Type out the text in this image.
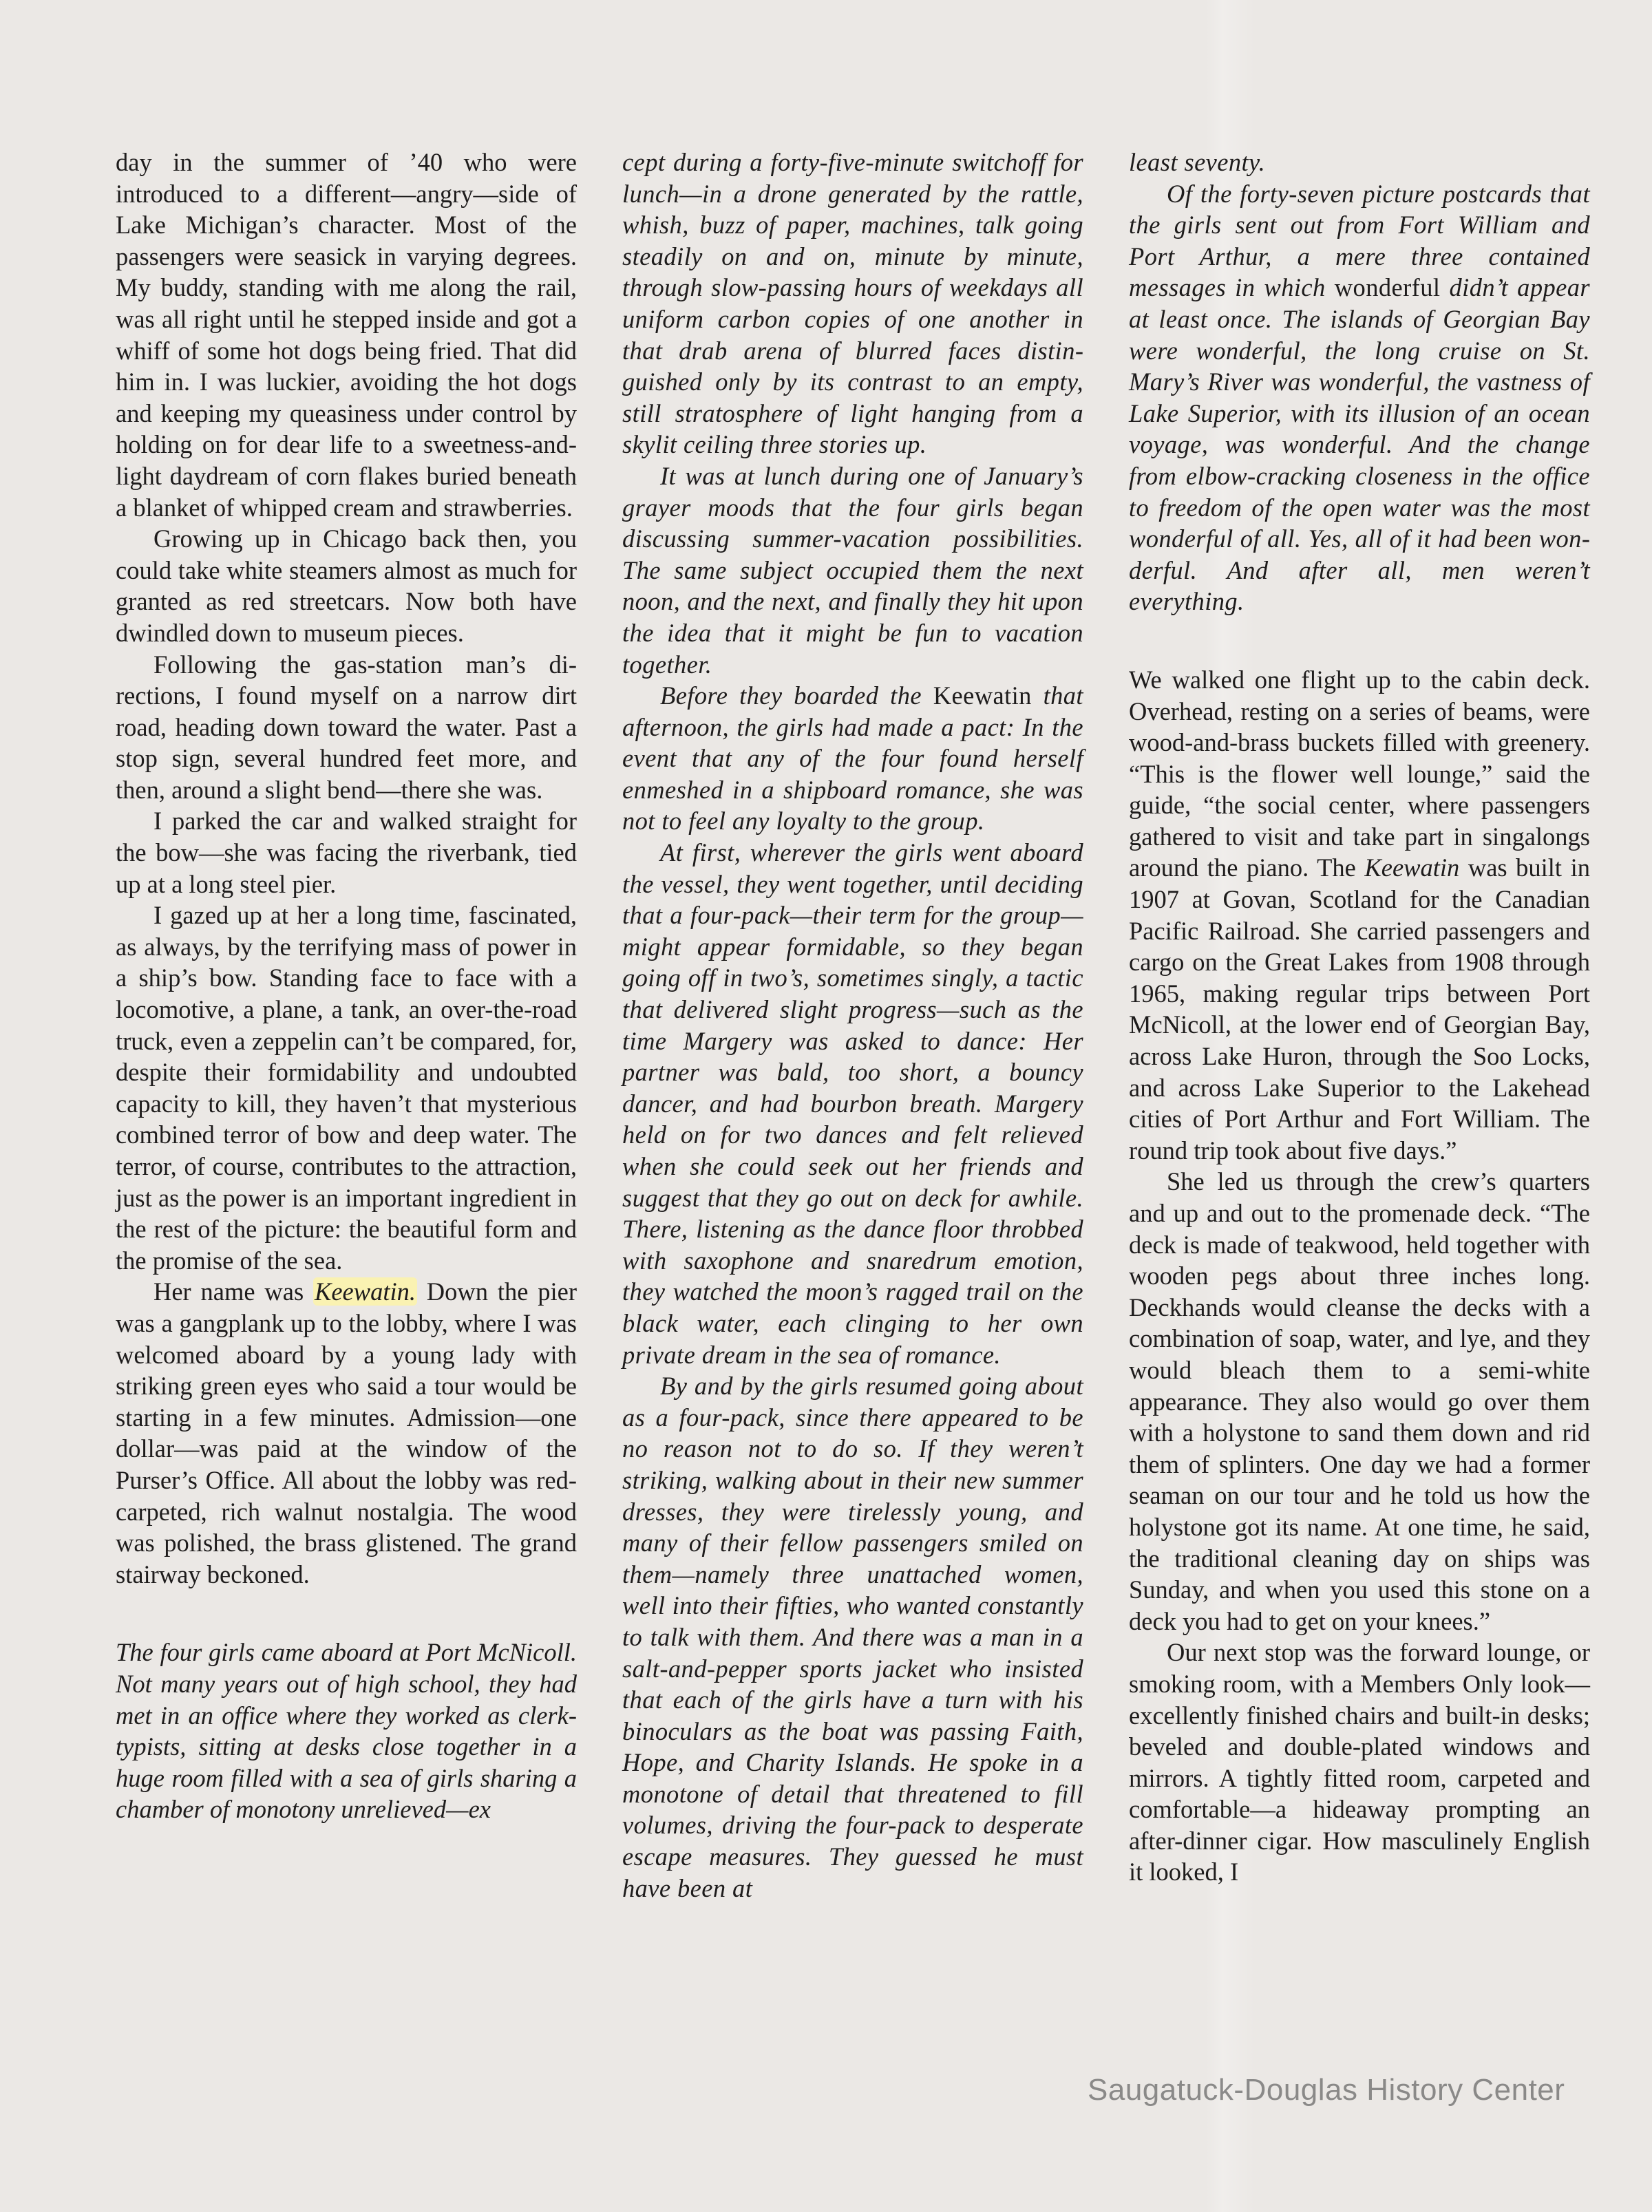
day in the summer of ’40 who were introduced to a different—angry—side of Lake Michigan’s character. Most of the passengers were seasick in varying degrees. My buddy, standing with me along the rail, was all right until he stepped inside and got a whiff of some hot dogs being fried. That did him in. I was luckier, avoiding the hot dogs and keeping my queasiness under control by holding on for dear life to a sweetness-and-light daydream of corn flakes buried beneath a blanket of whipped cream and strawberries.

Growing up in Chicago back then, you could take white steamers almost as much for granted as red streetcars. Now both have dwindled down to museum pieces.

Following the gas-station man’s directions, I found myself on a narrow dirt road, heading down toward the water. Past a stop sign, several hundred feet more, and then, around a slight bend—there she was.

I parked the car and walked straight for the bow—she was facing the riverbank, tied up at a long steel pier.

I gazed up at her a long time, fascinated, as always, by the terrifying mass of power in a ship’s bow. Standing face to face with a locomotive, a plane, a tank, an over-the-road truck, even a zeppelin can’t be compared, for, despite their formidability and undoubted capacity to kill, they haven’t that mysterious combined terror of bow and deep water. The terror, of course, contributes to the attraction, just as the power is an important ingredient in the rest of the picture: the beautiful form and the promise of the sea.

Her name was Keewatin. Down the pier was a gangplank up to the lobby, where I was welcomed aboard by a young lady with striking green eyes who said a tour would be starting in a few minutes. Admission—one dollar—was paid at the window of the Purser’s Office. All about the lobby was red-carpeted, rich walnut nostalgia. The wood was polished, the brass glistened. The grand stairway beckoned.

The four girls came aboard at Port McNicoll. Not many years out of high school, they had met in an office where they worked as clerk-typists, sitting at desks close together in a huge room filled with a sea of girls sharing a chamber of monotony unrelieved—ex

cept during a forty-five-minute switchoff for lunch—in a drone generated by the rattle, whish, buzz of paper, machines, talk going steadily on and on, minute by minute, through slow-passing hours of weekdays all uniform carbon copies of one another in that drab arena of blurred faces distinguished only by its contrast to an empty, still stratosphere of light hanging from a skylit ceiling three stories up.

It was at lunch during one of January’s grayer moods that the four girls began discussing summer-vacation possibilities. The same subject occupied them the next noon, and the next, and finally they hit upon the idea that it might be fun to vacation together.

Before they boarded the Keewatin that afternoon, the girls had made a pact: In the event that any of the four found herself enmeshed in a shipboard romance, she was not to feel any loyalty to the group.

At first, wherever the girls went aboard the vessel, they went together, until deciding that a four-pack—their term for the group—might appear formidable, so they began going off in two’s, sometimes singly, a tactic that delivered slight progress—such as the time Margery was asked to dance: Her partner was bald, too short, a bouncy dancer, and had bourbon breath. Margery held on for two dances and felt relieved when she could seek out her friends and suggest that they go out on deck for awhile. There, listening as the dance floor throbbed with saxophone and snaredrum emotion, they watched the moon’s ragged trail on the black water, each clinging to her own private dream in the sea of romance.

By and by the girls resumed going about as a four-pack, since there appeared to be no reason not to do so. If they weren’t striking, walking about in their new summer dresses, they were tirelessly young, and many of their fellow passengers smiled on them—namely three unattached women, well into their fifties, who wanted constantly to talk with them. And there was a man in a salt-and-pepper sports jacket who insisted that each of the girls have a turn with his binoculars as the boat was passing Faith, Hope, and Charity Islands. He spoke in a monotone of detail that threatened to fill volumes, driving the four-pack to desperate escape measures. They guessed he must have been at

least seventy.

Of the forty-seven picture postcards that the girls sent out from Fort William and Port Arthur, a mere three contained messages in which wonderful didn’t appear at least once. The islands of Georgian Bay were wonderful, the long cruise on St. Mary’s River was wonderful, the vastness of Lake Superior, with its illusion of an ocean voyage, was wonderful. And the change from elbow-cracking closeness in the office to freedom of the open water was the most wonderful of all. Yes, all of it had been wonderful. And after all, men weren’t everything.

We walked one flight up to the cabin deck. Overhead, resting on a series of beams, were wood-and-brass buckets filled with greenery. “This is the flower well lounge,” said the guide, “the social center, where passengers gathered to visit and take part in singalongs around the piano. The Keewatin was built in 1907 at Govan, Scotland for the Canadian Pacific Railroad. She carried passengers and cargo on the Great Lakes from 1908 through 1965, making regular trips between Port McNicoll, at the lower end of Georgian Bay, across Lake Huron, through the Soo Locks, and across Lake Superior to the Lakehead cities of Port Arthur and Fort William. The round trip took about five days.”

She led us through the crew’s quarters and up and out to the promenade deck. “The deck is made of teakwood, held together with wooden pegs about three inches long. Deckhands would cleanse the decks with a combination of soap, water, and lye, and they would bleach them to a semi-white appearance. They also would go over them with a holystone to sand them down and rid them of splinters. One day we had a former seaman on our tour and he told us how the holystone got its name. At one time, he said, the traditional cleaning day on ships was Sunday, and when you used this stone on a deck you had to get on your knees.”

Our next stop was the forward lounge, or smoking room, with a Members Only look—excellently finished chairs and built-in desks; beveled and double-plated windows and mirrors. A tightly fitted room, carpeted and comfortable—a hideaway prompting an after-dinner cigar. How masculinely English it looked, I

Saugatuck-Douglas History Center
